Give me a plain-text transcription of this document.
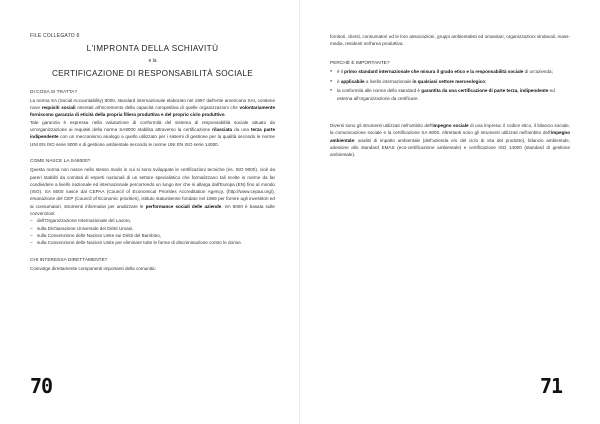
FILE COLLEGATO 8

L'IMPRONTA DELLA SCHIAVITÙ

e la

CERTIFICAZIONE DI RESPONSABILITÀ SOCIALE

DI COSA SI TRATTA?

La norma SA (Social Accountability) 8000, standard internazionale elaborato nel 1997 dall'ente americano SAI, contiene nove requisiti sociali orientati all'incremento della capacità competitiva di quelle organizzazioni che volontariamente forniscono garanzia di eticità della propria filiera produttiva e del proprio ciclo produttivo.

Tale garanzia è espressa nella valutazione di conformità del sistema di responsabilità sociale attuato da un'organizzazione ai requisiti della norma SA8000 stabilita attraverso la certificazione rilasciata da una terza parte indipendente con un meccanismo analogo a quello utilizzato per i sistemi di gestione per la qualità secondo le norme UNI EN ISO serie 9000 o di gestione ambientale secondo le norme UNI EN ISO serie 14000.

COME NASCE LA SA8000?

Questa norma non nasce nello stesso modo in cui si sono sviluppate le certificazioni tecniche (es. ISO 9000), cioè da pareri stabiliti da comitati di esperti nazionali di un settore specialistico che formalizzano tali scelte in norme da far condividere a livello nazionale ed internazionale percorrendo un lungo iter che si allarga dall'Europa (EN) fino al mondo (ISO). SA 8000 nasce dal CEPAA (Council of Economical Priorities Accreditation Agency, (http://www.cepaa.org/), emanazione del CEP (Council of Economic priorities), istituto statunitense fondato nel 1969 per fornire agli investitori ed ai consumatori, strumenti informativi per analizzare le performance sociali delle aziende. SA 8000 è basata sulle convenzioni:

– dell'Organizzazione Internazionale del Lavoro,
– sulla Dichiarazione Universale dei Diritti Umani,
– sulla Convenzione delle Nazioni Unite sui Diritti del Bambino,
– sulla Convenzione delle Nazioni Unite per eliminare tutte le forme di discriminazione contro le donne.

CHI INTERESSA DIRETTAMENTE?

Coinvolge direttamente componenti importanti della comunità:

70

fornitori, clienti, consumatori ed le loro associazioni, gruppi ambientalisti ed umanitari, organizzazioni sindacali, mass-media, residenti nell'area produttiva.

PERCHÉ È IMPORTANTE?

● è il primo standard internazionale che misura il grado etico e la responsabilità sociale di un'azienda;
● è applicabile a livello internazionale in qualsiasi settore merceologico;
● la conformità alle norme dello standard è garantita da una certificazione di parte terza, indipendente ed esterna all'organizzazione da certificare.

Diversi sono gli strumenti utilizzati nell'ambito dell'impegno sociale di una impresa: il codice etico, il bilancio sociale, la comunicazione sociale e la certificazione SA 8000. Altrettanti sono gli strumenti utilizzati nell'ambito dell'impegno ambientale: analisi di impatto ambientale (dell'azienda e/o del ciclo di vita del prodotto), bilancio ambientale, adesione allo standard EMAS (eco-certificazione ambientale) e certificazione ISO 14000 (standard di gestione ambientale).

71
